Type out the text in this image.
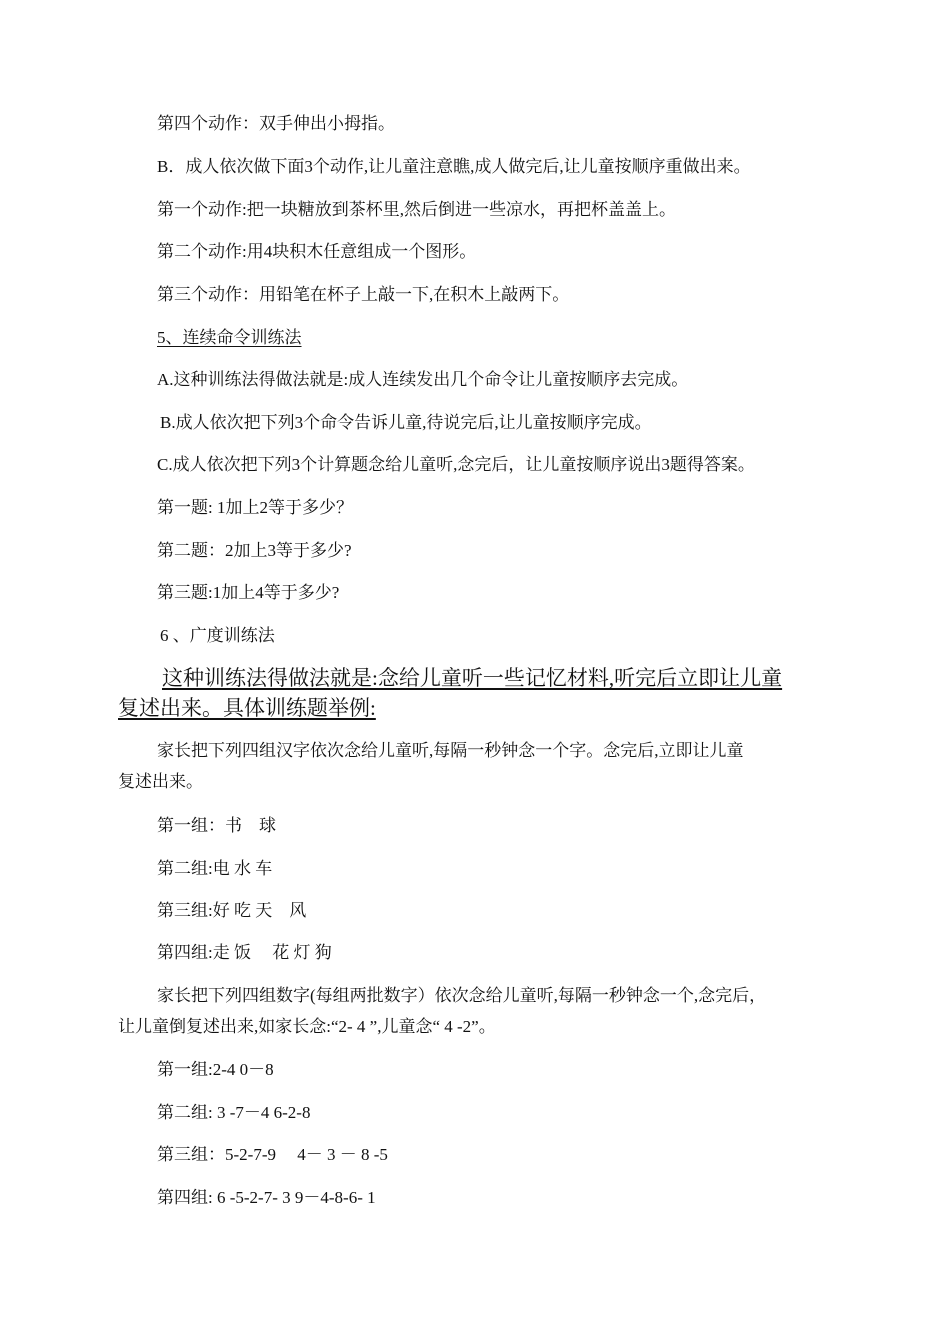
第四个动作：双手伸出小拇指。
B．成人依次做下面3个动作,让儿童注意瞧,成人做完后,让儿童按顺序重做出来。
第一个动作:把一块糖放到茶杯里,然后倒进一些凉水，再把杯盖盖上。
第二个动作:用4块积木任意组成一个图形。
第三个动作：用铅笔在杯子上敲一下,在积木上敲两下。
5、连续命令训练法
A.这种训练法得做法就是:成人连续发出几个命令让儿童按顺序去完成。
B.成人依次把下列3个命令告诉儿童,待说完后,让儿童按顺序完成。
C.成人依次把下列3个计算题念给儿童听,念完后，让儿童按顺序说出3题得答案。
第一题: 1加上2等于多少？
第二题：2加上3等于多少?
第三题:1加上4等于多少?
6 、广度训练法
这种训练法得做法就是:念给儿童听一些记忆材料,听完后立即让儿童
复述出来。具体训练题举例:
家长把下列四组汉字依次念给儿童听,每隔一秒钟念一个字。念完后,立即让儿童
复述出来。
第一组：书　球
第二组:电 水 车
第三组:好 吃 天　风
第四组:走 饭　 花 灯 狗
家长把下列四组数字(每组两批数字）依次念给儿童听,每隔一秒钟念一个,念完后，
让儿童倒复述出来,如家长念:“2- 4 ”,儿童念“ 4 -2”。
第一组:2-4 0－8
第二组: 3 -7－4 6-2-8
第三组：5-2-7-9　 4－ 3 － 8 -5
第四组: 6 -5-2-7- 3 9－4-8-6- 1
